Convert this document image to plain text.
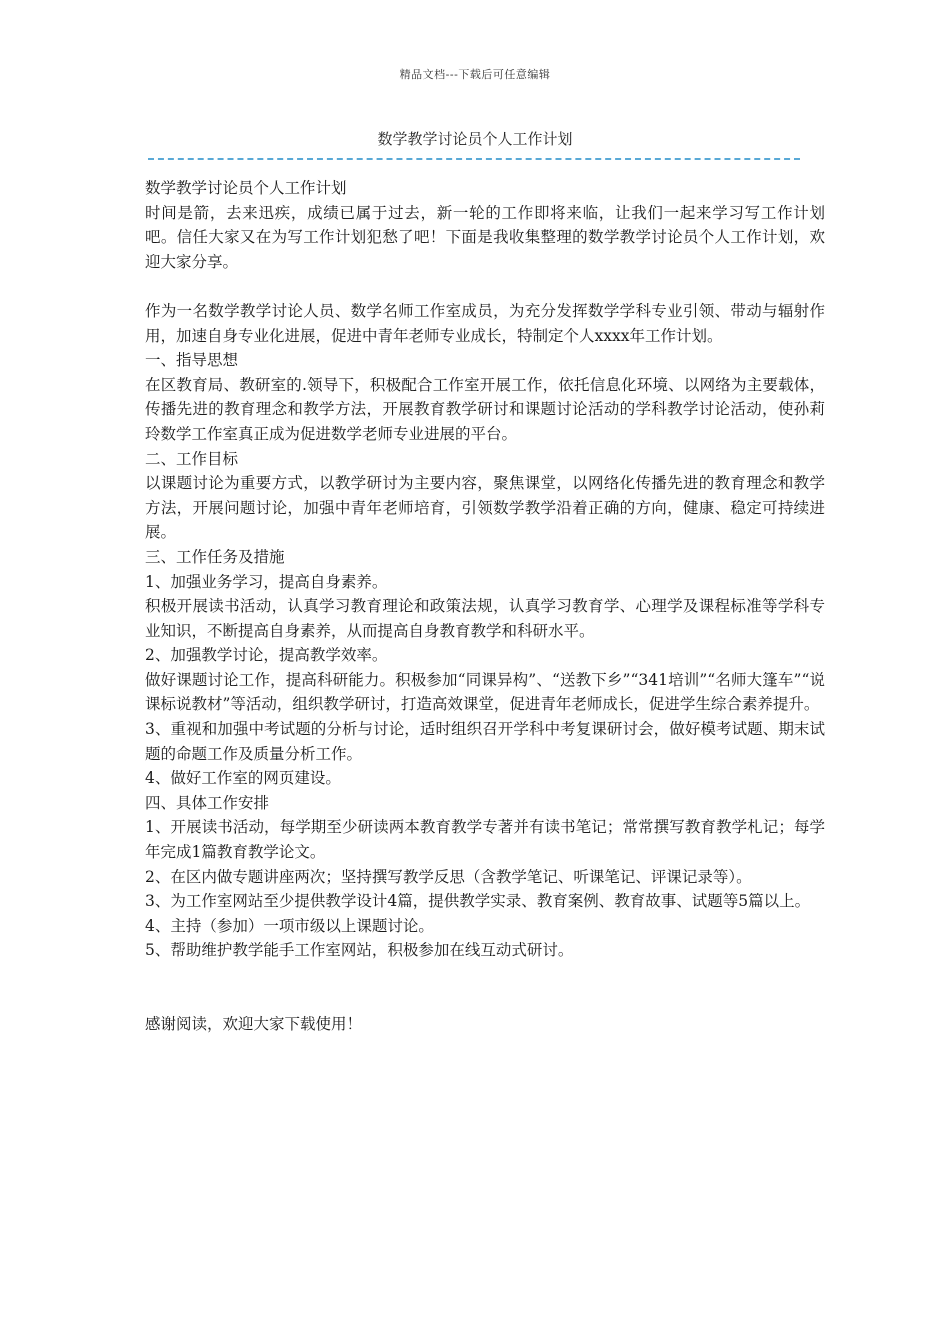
精品文档---下载后可任意编辑
数学教学讨论员个人工作计划

数学教学讨论员个人工作计划

时间是箭，去来迅疾，成绩已属于过去，新一轮的工作即将来临，让我们一起来学习写工作计划吧。信任大家又在为写工作计划犯愁了吧！下面是我收集整理的数学教学讨论员个人工作计划，欢迎大家分享。

作为一名数学教学讨论人员、数学名师工作室成员，为充分发挥数学学科专业引领、带动与辐射作用，加速自身专业化进展，促进中青年老师专业成长，特制定个人xxxx年工作计划。

一、指导思想

在区教育局、教研室的.领导下，积极配合工作室开展工作，依托信息化环境、以网络为主要载体，传播先进的教育理念和教学方法，开展教育教学研讨和课题讨论活动的学科教学讨论活动，使孙莉玲数学工作室真正成为促进数学老师专业进展的平台。

二、工作目标

以课题讨论为重要方式，以教学研讨为主要内容，聚焦课堂，以网络化传播先进的教育理念和教学方法，开展问题讨论，加强中青年老师培育，引领数学教学沿着正确的方向，健康、稳定可持续进展。

三、工作任务及措施

1、加强业务学习，提高自身素养。

积极开展读书活动，认真学习教育理论和政策法规，认真学习教育学、心理学及课程标准等学科专业知识，不断提高自身素养，从而提高自身教育教学和科研水平。

2、加强教学讨论，提高教学效率。

做好课题讨论工作，提高科研能力。积极参加“同课异构”、“送教下乡”“341培训”“名师大篷车”“说课标说教材”等活动，组织教学研讨，打造高效课堂，促进青年老师成长，促进学生综合素养提升。

3、重视和加强中考试题的分析与讨论，适时组织召开学科中考复课研讨会，做好模考试题、期末试题的命题工作及质量分析工作。

4、做好工作室的网页建设。

四、具体工作安排

1、开展读书活动，每学期至少研读两本教育教学专著并有读书笔记；常常撰写教育教学札记；每学年完成1篇教育教学论文。

2、在区内做专题讲座两次；坚持撰写教学反思（含教学笔记、听课笔记、评课记录等）。

3、为工作室网站至少提供教学设计4篇，提供教学实录、教育案例、教育故事、试题等5篇以上。

4、主持（参加）一项市级以上课题讨论。

5、帮助维护教学能手工作室网站，积极参加在线互动式研讨。

感谢阅读，欢迎大家下载使用！
